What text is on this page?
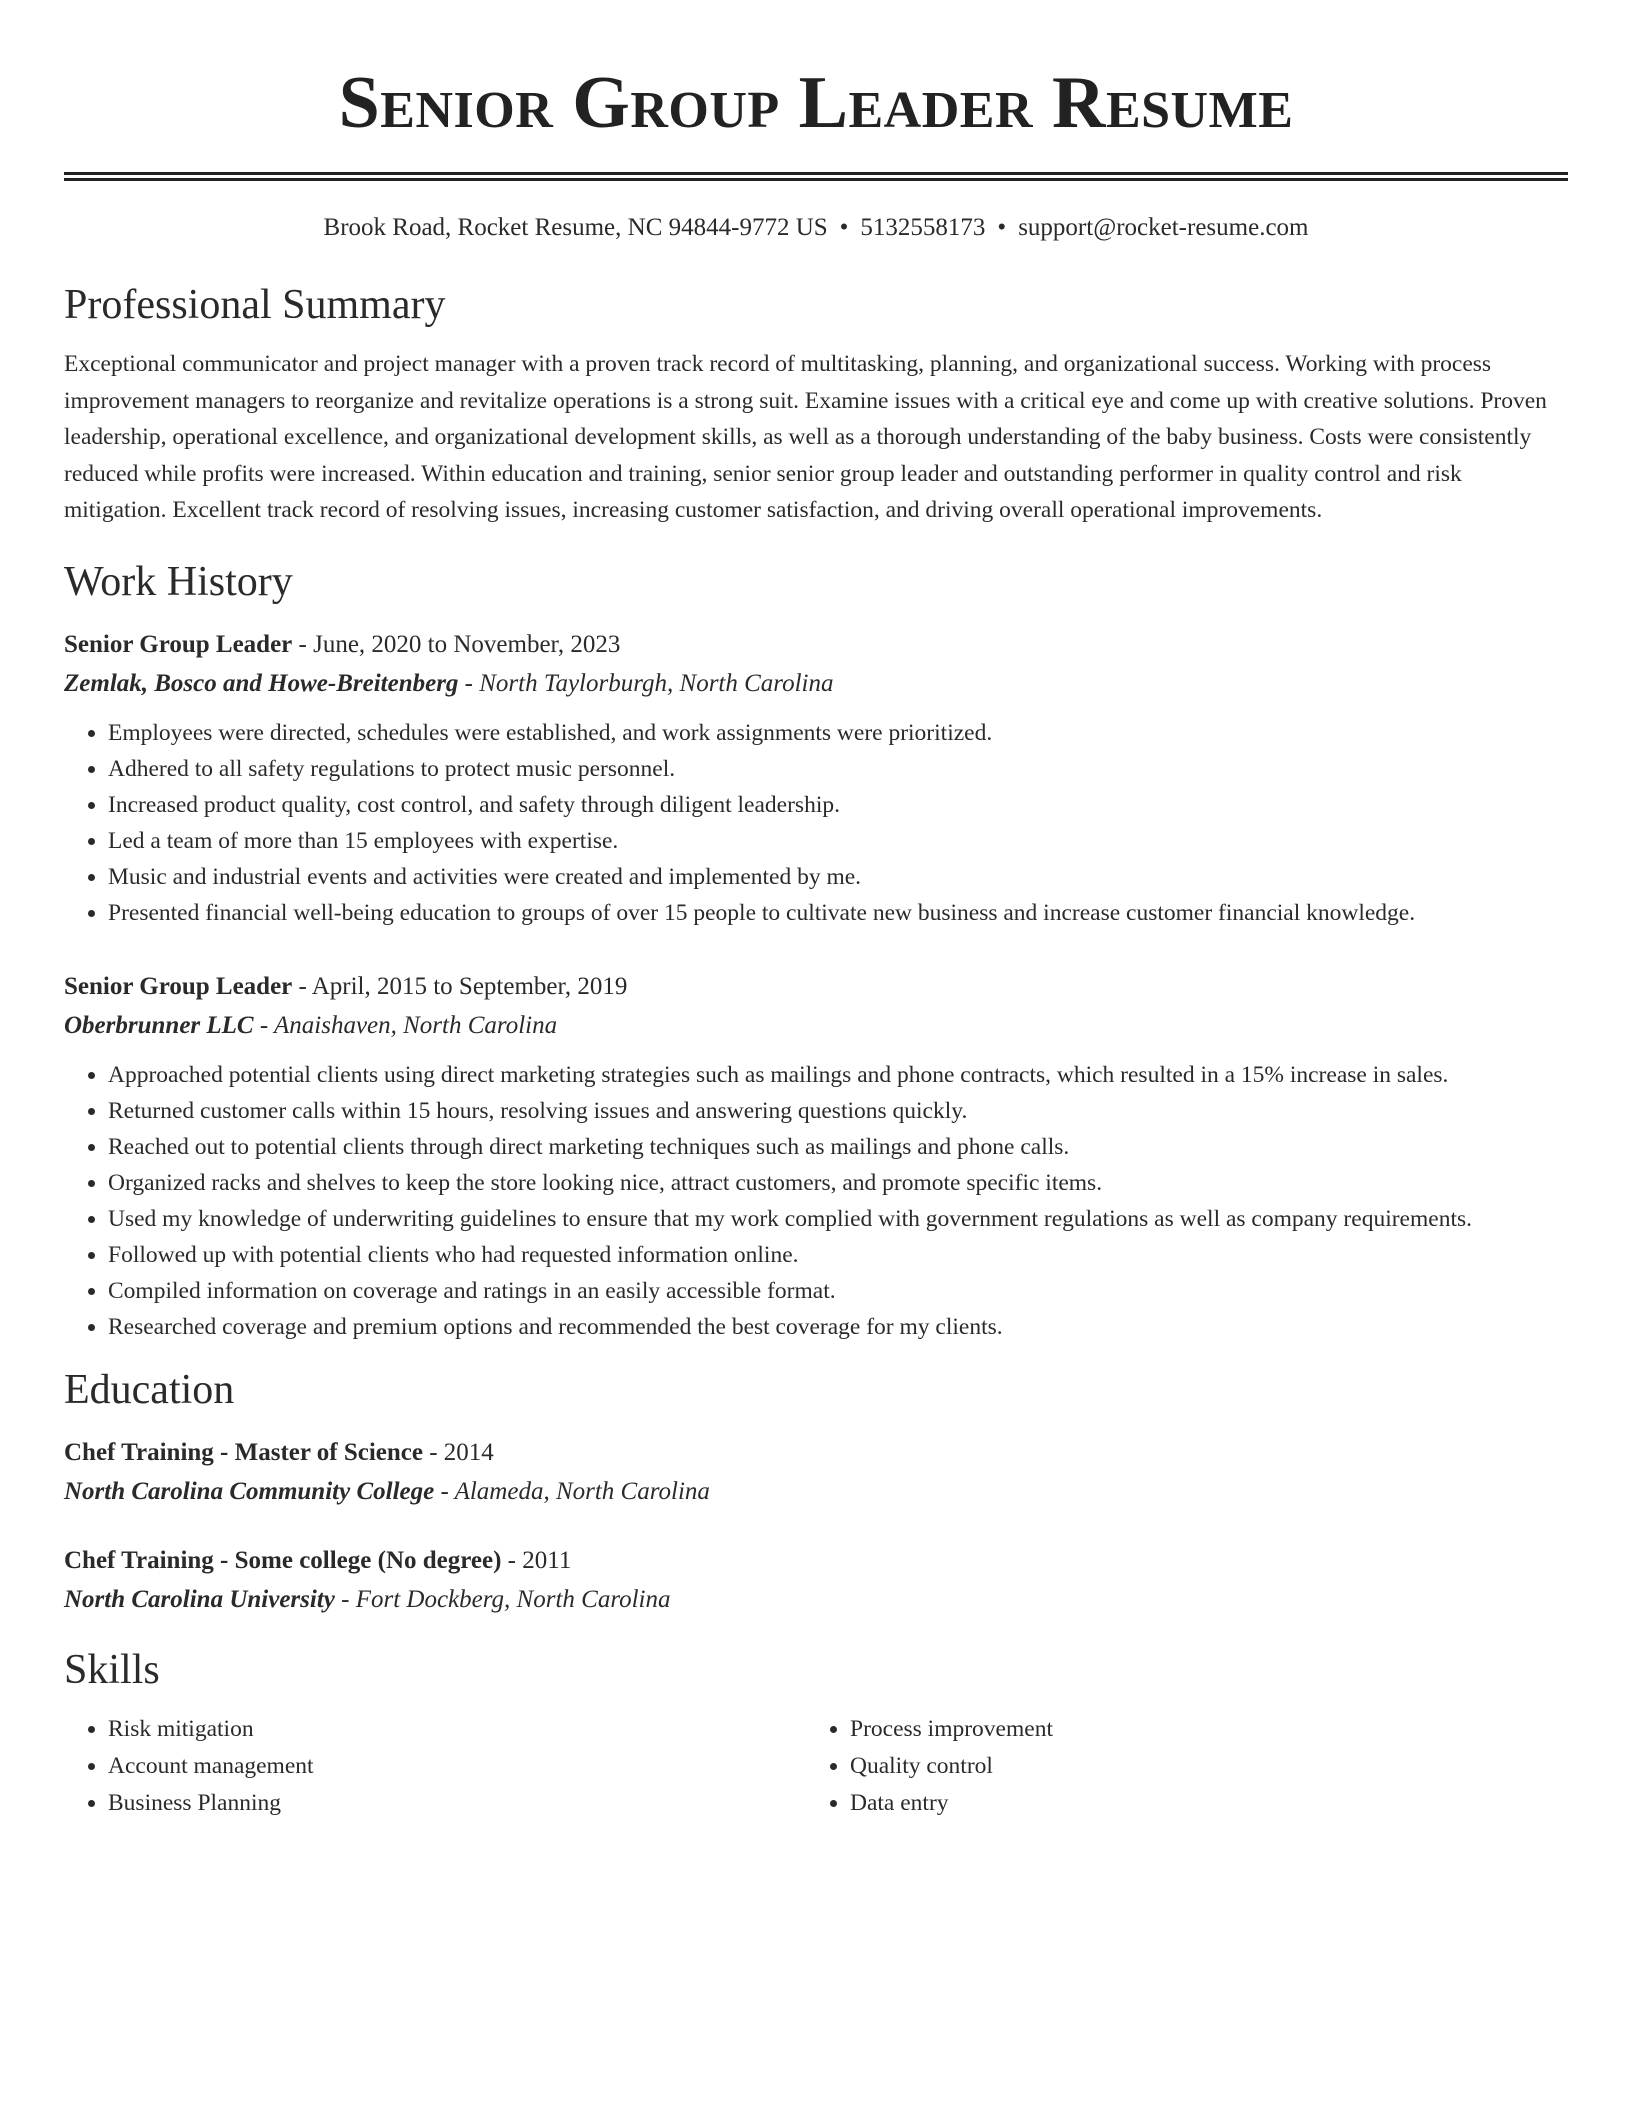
Senior Group Leader Resume
Brook Road, Rocket Resume, NC 94844-9772 US • 5132558173 • support@rocket-resume.com
Professional Summary
Exceptional communicator and project manager with a proven track record of multitasking, planning, and organizational success. Working with process improvement managers to reorganize and revitalize operations is a strong suit. Examine issues with a critical eye and come up with creative solutions. Proven leadership, operational excellence, and organizational development skills, as well as a thorough understanding of the baby business. Costs were consistently reduced while profits were increased. Within education and training, senior senior group leader and outstanding performer in quality control and risk mitigation. Excellent track record of resolving issues, increasing customer satisfaction, and driving overall operational improvements.
Work History
Senior Group Leader - June, 2020 to November, 2023
Zemlak, Bosco and Howe-Breitenberg - North Taylorburgh, North Carolina
• Employees were directed, schedules were established, and work assignments were prioritized.
• Adhered to all safety regulations to protect music personnel.
• Increased product quality, cost control, and safety through diligent leadership.
• Led a team of more than 15 employees with expertise.
• Music and industrial events and activities were created and implemented by me.
• Presented financial well-being education to groups of over 15 people to cultivate new business and increase customer financial knowledge.
Senior Group Leader - April, 2015 to September, 2019
Oberbrunner LLC - Anaishaven, North Carolina
• Approached potential clients using direct marketing strategies such as mailings and phone contracts, which resulted in a 15% increase in sales.
• Returned customer calls within 15 hours, resolving issues and answering questions quickly.
• Reached out to potential clients through direct marketing techniques such as mailings and phone calls.
• Organized racks and shelves to keep the store looking nice, attract customers, and promote specific items.
• Used my knowledge of underwriting guidelines to ensure that my work complied with government regulations as well as company requirements.
• Followed up with potential clients who had requested information online.
• Compiled information on coverage and ratings in an easily accessible format.
• Researched coverage and premium options and recommended the best coverage for my clients.
Education
Chef Training - Master of Science - 2014
North Carolina Community College - Alameda, North Carolina
Chef Training - Some college (No degree) - 2011
North Carolina University - Fort Dockberg, North Carolina
Skills
• Risk mitigation
• Account management
• Business Planning
• Process improvement
• Quality control
• Data entry
